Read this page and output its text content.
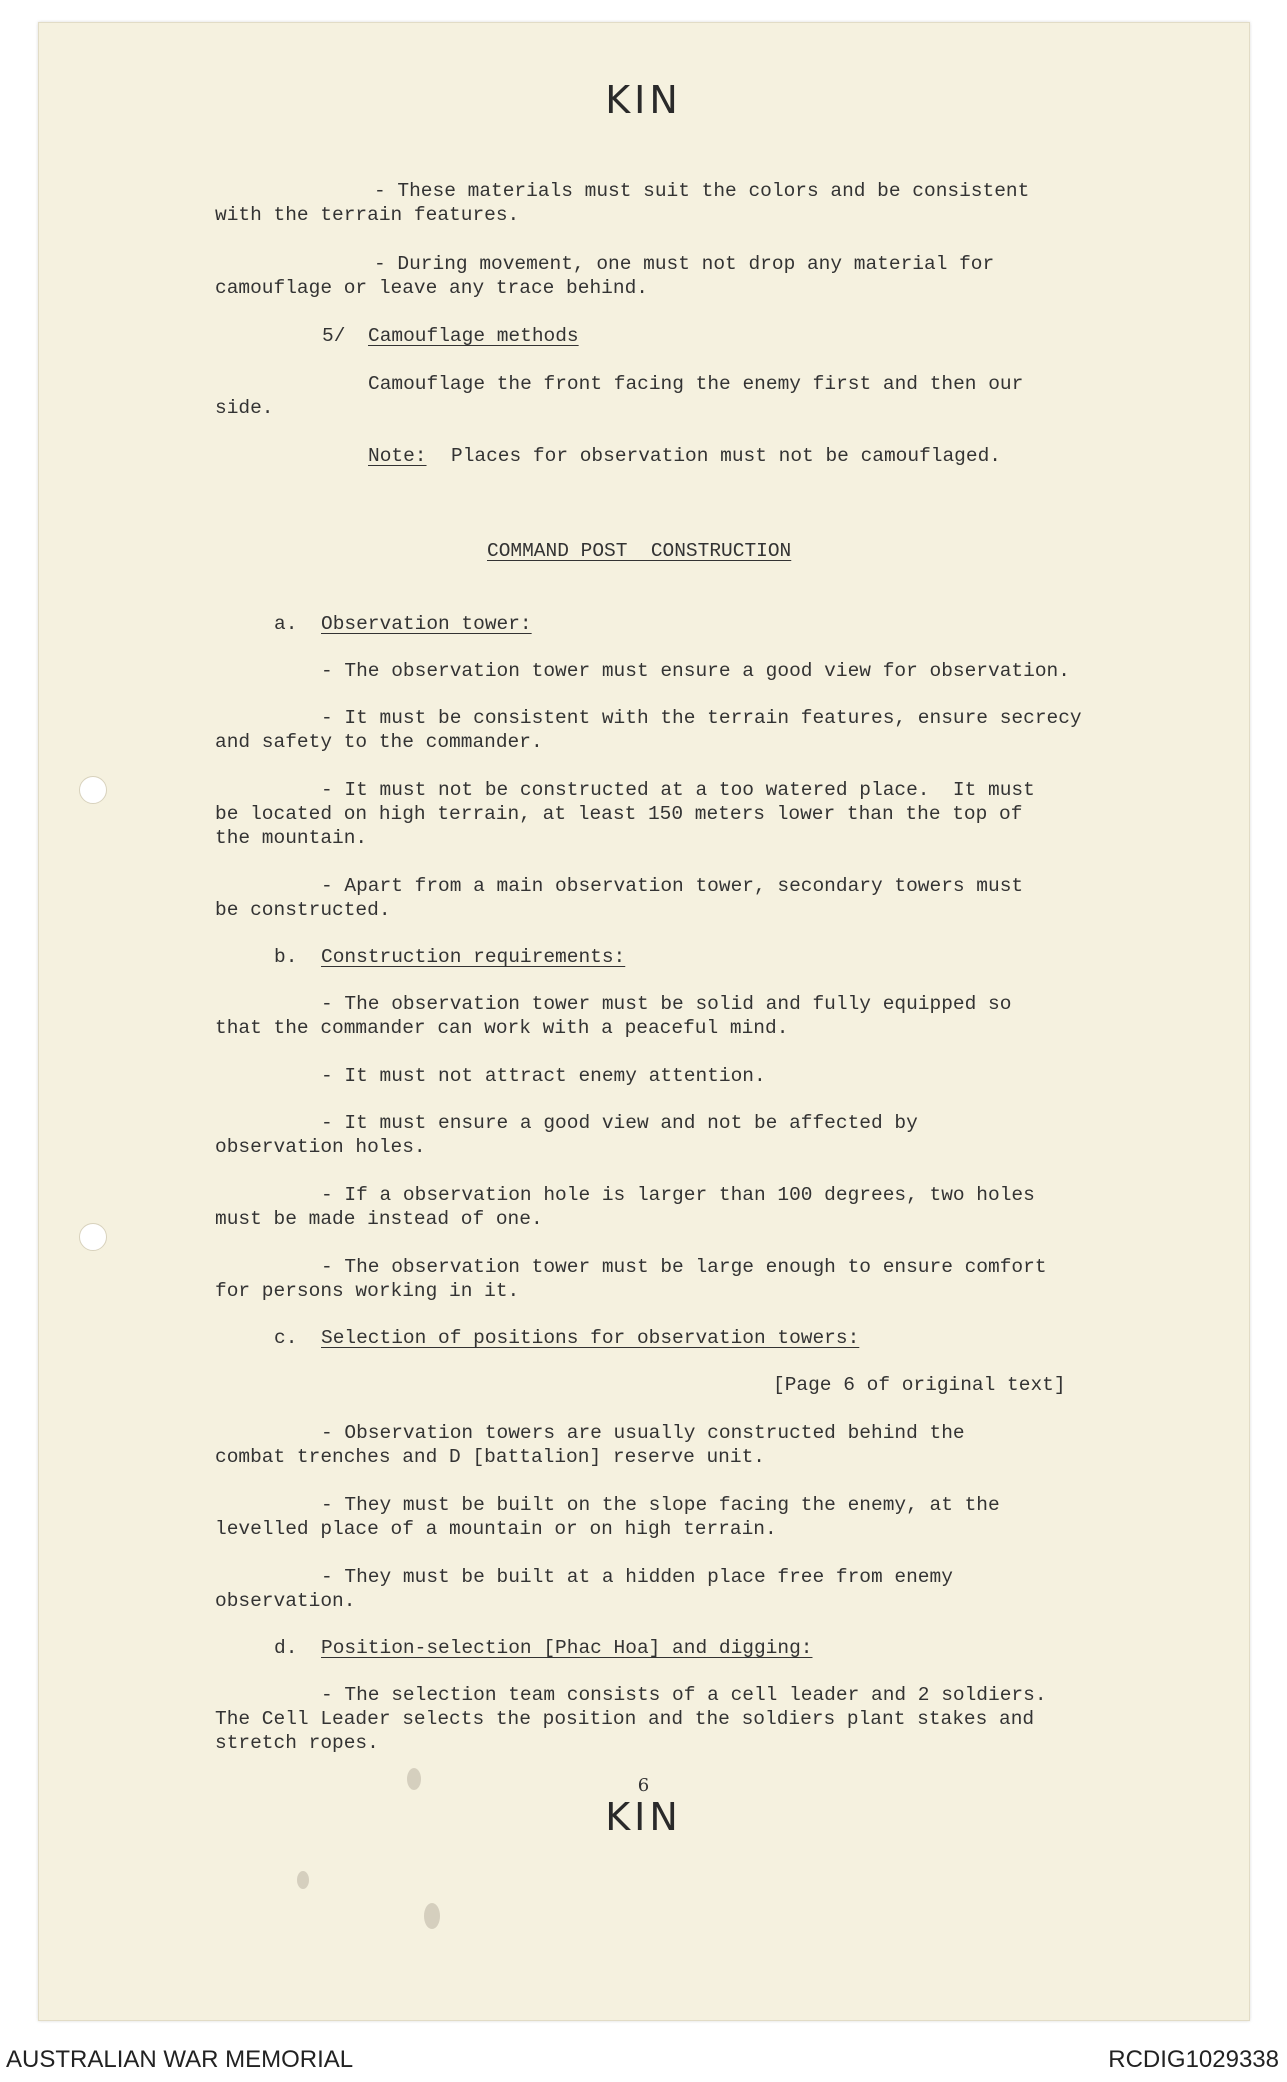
KIN
- These materials must suit the colors and be consistent
with the terrain features.
- During movement, one must not drop any material for
camouflage or leave any trace behind.
5/ Camouflage methods
Camouflage the front facing the enemy first and then our
side.
Note: Places for observation must not be camouflaged.
COMMAND POST  CONSTRUCTION
a. Observation tower:
- The observation tower must ensure a good view for observation.
- It must be consistent with the terrain features, ensure secrecy
and safety to the commander.
- It must not be constructed at a too watered place.  It must
be located on high terrain, at least 150 meters lower than the top of
the mountain.
- Apart from a main observation tower, secondary towers must
be constructed.
b. Construction requirements:
- The observation tower must be solid and fully equipped so
that the commander can work with a peaceful mind.
- It must not attract enemy attention.
- It must ensure a good view and not be affected by
observation holes.
- If a observation hole is larger than 100 degrees, two holes
must be made instead of one.
- The observation tower must be large enough to ensure comfort
for persons working in it.
c. Selection of positions for observation towers:
[Page 6 of original text]
- Observation towers are usually constructed behind the
combat trenches and D [battalion] reserve unit.
- They must be built on the slope facing the enemy, at the
levelled place of a mountain or on high terrain.
- They must be built at a hidden place free from enemy
observation.
d. Position-selection [Phac Hoa] and digging:
- The selection team consists of a cell leader and 2 soldiers.
The Cell Leader selects the position and the soldiers plant stakes and
stretch ropes.
6
KIN
AUSTRALIAN WAR MEMORIAL	RCDIG1029338
